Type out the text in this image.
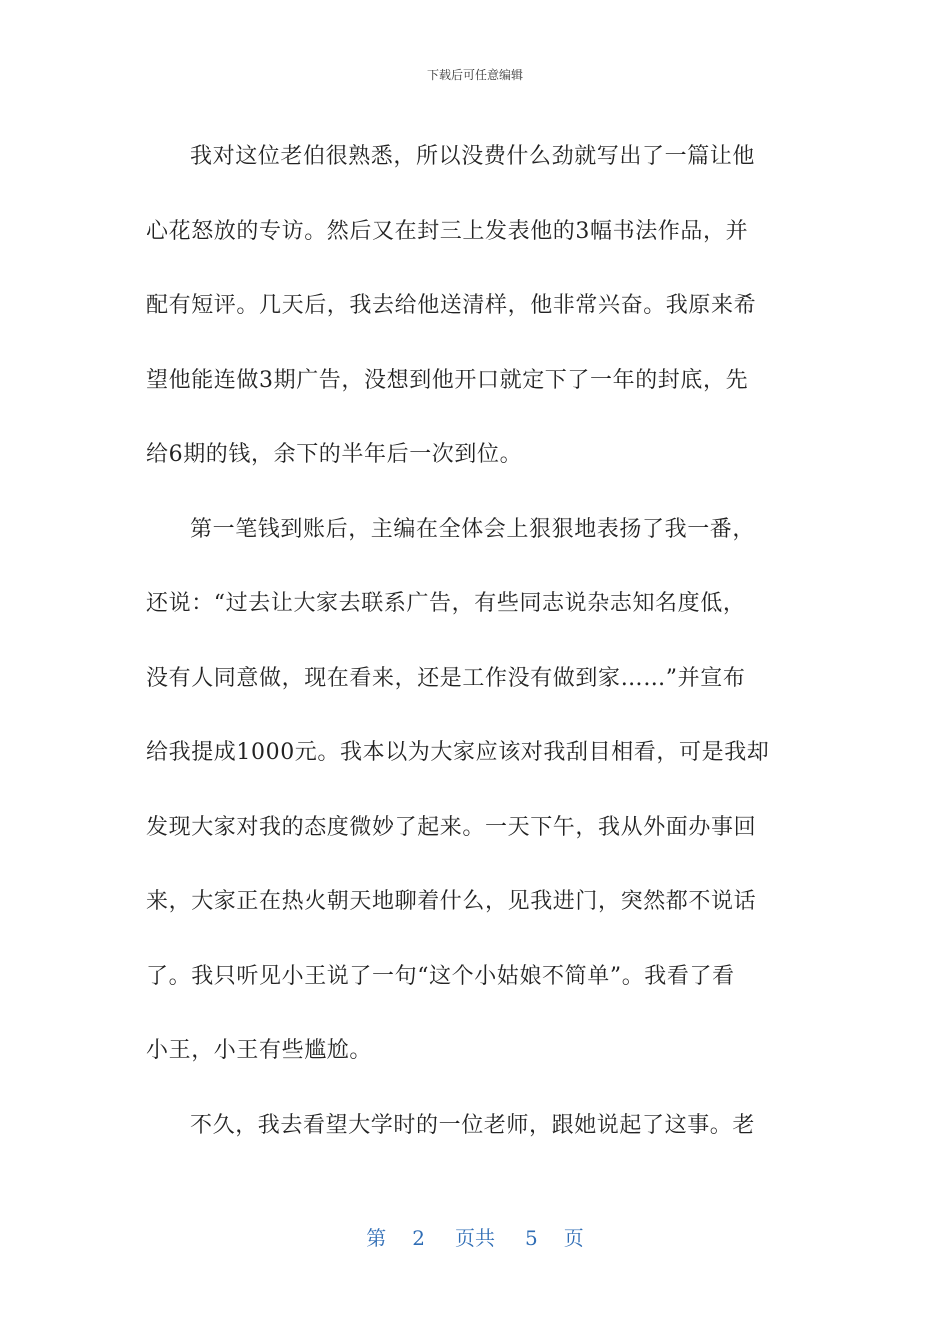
下载后可任意编辑

我对这位老伯很熟悉，所以没费什么劲就写出了一篇让他
心花怒放的专访。然后又在封三上发表他的3幅书法作品，并
配有短评。几天后，我去给他送清样，他非常兴奋。我原来希
望他能连做3期广告，没想到他开口就定下了一年的封底，先
给6期的钱，余下的半年后一次到位。

第一笔钱到账后，主编在全体会上狠狠地表扬了我一番，
还说：“过去让大家去联系广告，有些同志说杂志知名度低，
没有人同意做，现在看来，还是工作没有做到家……”并宣布
给我提成1000元。我本以为大家应该对我刮目相看，可是我却
发现大家对我的态度微妙了起来。一天下午，我从外面办事回
来，大家正在热火朝天地聊着什么，见我进门，突然都不说话
了。我只听见小王说了一句“这个小姑娘不简单”。我看了看
小王，小王有些尴尬。

不久，我去看望大学时的一位老师，跟她说起了这事。老

第 2 页共 5 页
